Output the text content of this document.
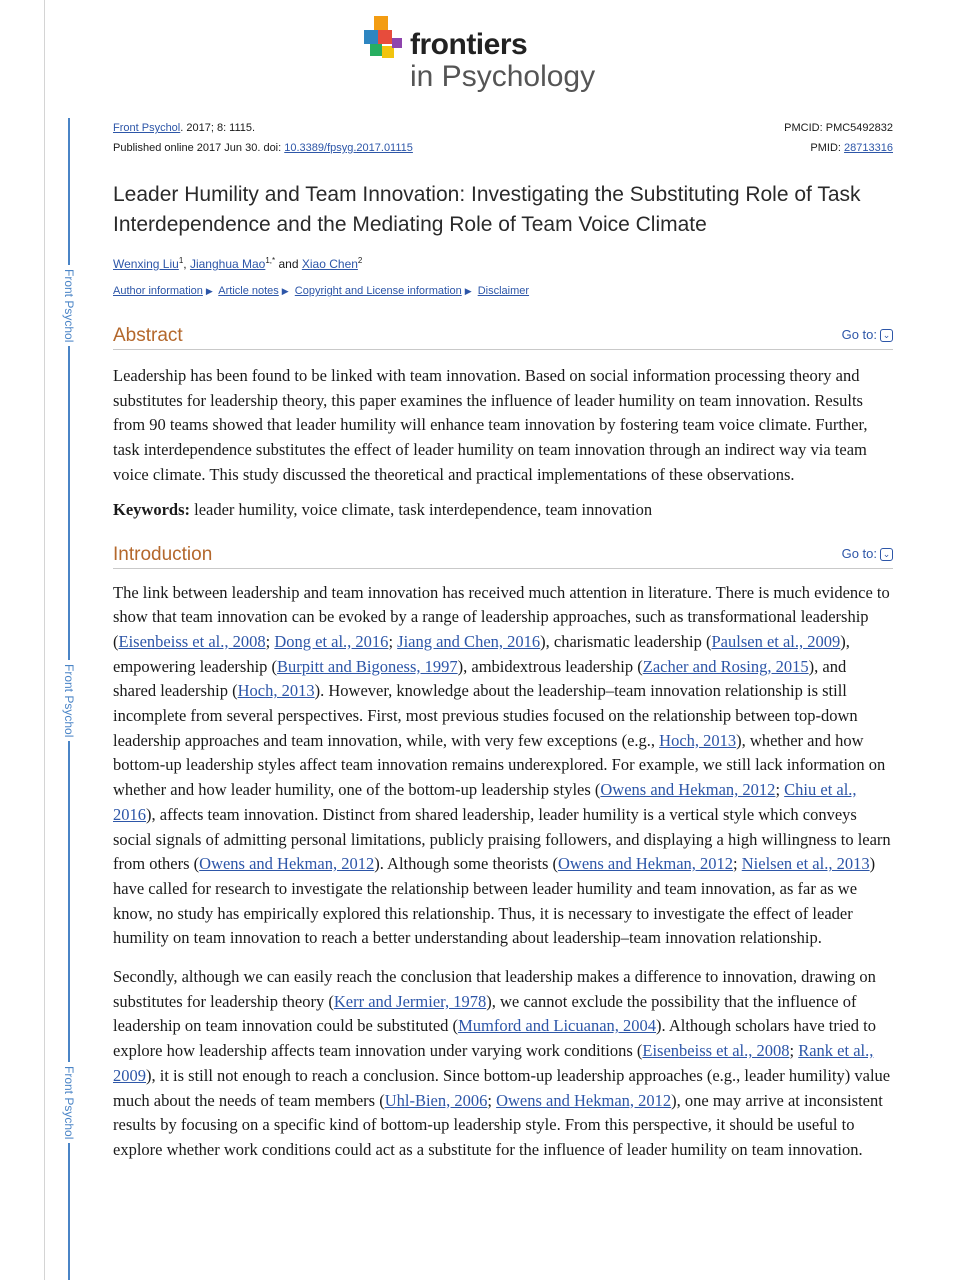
Front Psychol
Front Psychol
Front Psychol
frontiers
in Psychology
Front Psychol. 2017; 8: 1115.
Published online 2017 Jun 30. doi: 10.3389/fpsyg.2017.01115
PMCID: PMC5492832
PMID: 28713316
Leader Humility and Team Innovation: Investigating the Substituting Role of Task Interdependence and the Mediating Role of Team Voice Climate
Wenxing Liu$^1$, Jianghua Mao$^{1,*}$ and Xiao Chen$^2$
Author information ▶ Article notes ▶ Copyright and License information ▶ Disclaimer
Abstract	Go to: ⌄

Leadership has been found to be linked with team innovation. Based on social information processing theory and substitutes for leadership theory, this paper examines the influence of leader humility on team innovation. Results from 90 teams showed that leader humility will enhance team innovation by fostering team voice climate. Further, task interdependence substitutes the effect of leader humility on team innovation through an indirect way via team voice climate. This study discussed the theoretical and practical implementations of these observations.

Keywords: leader humility, voice climate, task interdependence, team innovation
Introduction	Go to: ⌄

The link between leadership and team innovation has received much attention in literature. There is much evidence to show that team innovation can be evoked by a range of leadership approaches, such as transformational leadership (Eisenbeiss et al., 2008; Dong et al., 2016; Jiang and Chen, 2016), charismatic leadership (Paulsen et al., 2009), empowering leadership (Burpitt and Bigoness, 1997), ambidextrous leadership (Zacher and Rosing, 2015), and shared leadership (Hoch, 2013). However, knowledge about the leadership–team innovation relationship is still incomplete from several perspectives. First, most previous studies focused on the relationship between top-down leadership approaches and team innovation, while, with very few exceptions (e.g., Hoch, 2013), whether and how bottom-up leadership styles affect team innovation remains underexplored. For example, we still lack information on whether and how leader humility, one of the bottom-up leadership styles (Owens and Hekman, 2012; Chiu et al., 2016), affects team innovation. Distinct from shared leadership, leader humility is a vertical style which conveys social signals of admitting personal limitations, publicly praising followers, and displaying a high willingness to learn from others (Owens and Hekman, 2012). Although some theorists (Owens and Hekman, 2012; Nielsen et al., 2013) have called for research to investigate the relationship between leader humility and team innovation, as far as we know, no study has empirically explored this relationship. Thus, it is necessary to investigate the effect of leader humility on team innovation to reach a better understanding about leadership–team innovation relationship.

Secondly, although we can easily reach the conclusion that leadership makes a difference to innovation, drawing on substitutes for leadership theory (Kerr and Jermier, 1978), we cannot exclude the possibility that the influence of leadership on team innovation could be substituted (Mumford and Licuanan, 2004). Although scholars have tried to explore how leadership affects team innovation under varying work conditions (Eisenbeiss et al., 2008; Rank et al., 2009), it is still not enough to reach a conclusion. Since bottom-up leadership approaches (e.g., leader humility) value much about the needs of team members (Uhl-Bien, 2006; Owens and Hekman, 2012), one may arrive at inconsistent results by focusing on a specific kind of bottom-up leadership style. From this perspective, it should be useful to explore whether work conditions could act as a substitute for the influence of leader humility on team innovation.
